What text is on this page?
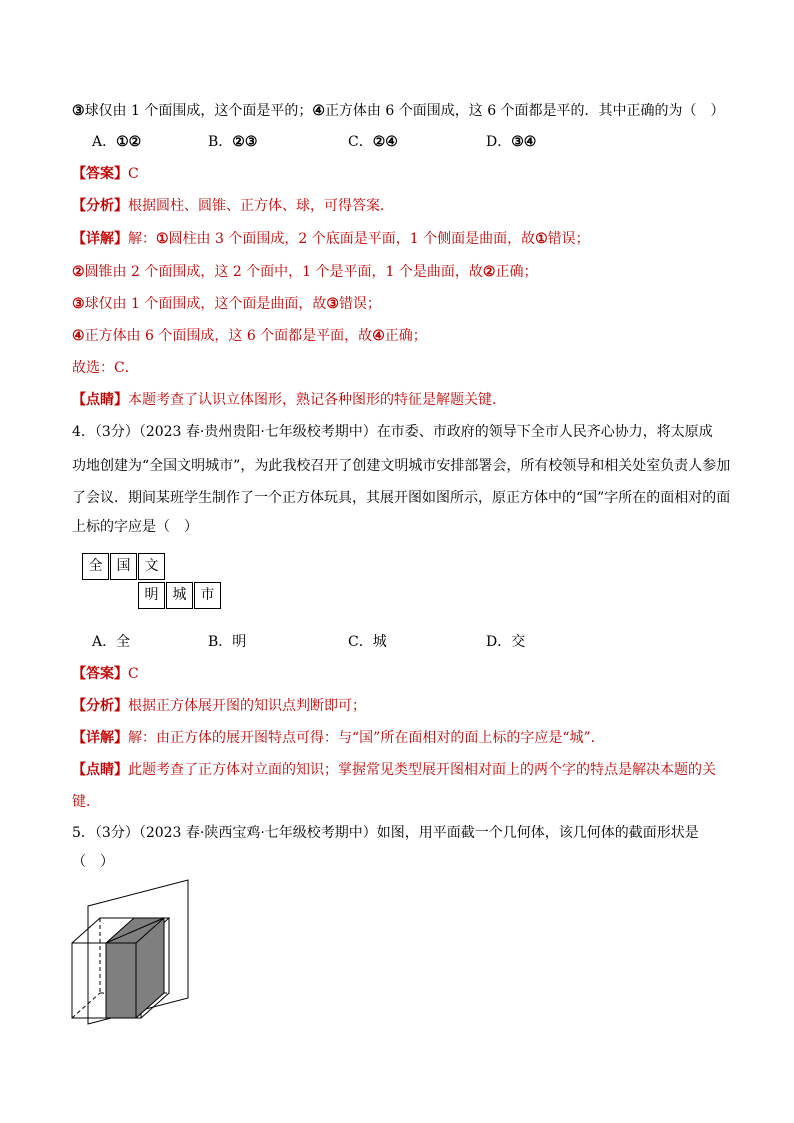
③球仅由 1 个面围成，这个面是平的；④正方体由 6 个面围成，这 6 个面都是平的．其中正确的为（　）
A．①②	B．②③	C．②④	D．③④
【答案】C
【分析】根据圆柱、圆锥、正方体、球，可得答案．
【详解】解：①圆柱由 3 个面围成，2 个底面是平面，1 个侧面是曲面，故①错误；
②圆锥由 2 个面围成，这 2 个面中，1 个是平面，1 个是曲面，故②正确；
③球仅由 1 个面围成，这个面是曲面，故③错误；
④正方体由 6 个面围成，这 6 个面都是平面，故④正确；
故选：C．
【点睛】本题考查了认识立体图形，熟记各种图形的特征是解题关键．
4．（3分）（2023 春·贵州贵阳·七年级校考期中）在市委、市政府的领导下全市人民齐心协力，将太原成
功地创建为“全国文明城市”，为此我校召开了创建文明城市安排部署会，所有校领导和相关处室负责人参加
了会议．期间某班学生制作了一个正方体玩具，其展开图如图所示，原正方体中的“国”字所在的面相对的面
上标的字应是（　）
全	国	文
明	城	市
A．全	B．明	C．城	D．交
【答案】C
【分析】根据正方体展开图的知识点判断即可；
【详解】解：由正方体的展开图特点可得：与“国”所在面相对的面上标的字应是“城”．
【点睛】此题考查了正方体对立面的知识；掌握常见类型展开图相对面上的两个字的特点是解决本题的关
键．
5．（3分）（2023 春·陕西宝鸡·七年级校考期中）如图，用平面截一个几何体，该几何体的截面形状是
（　）
